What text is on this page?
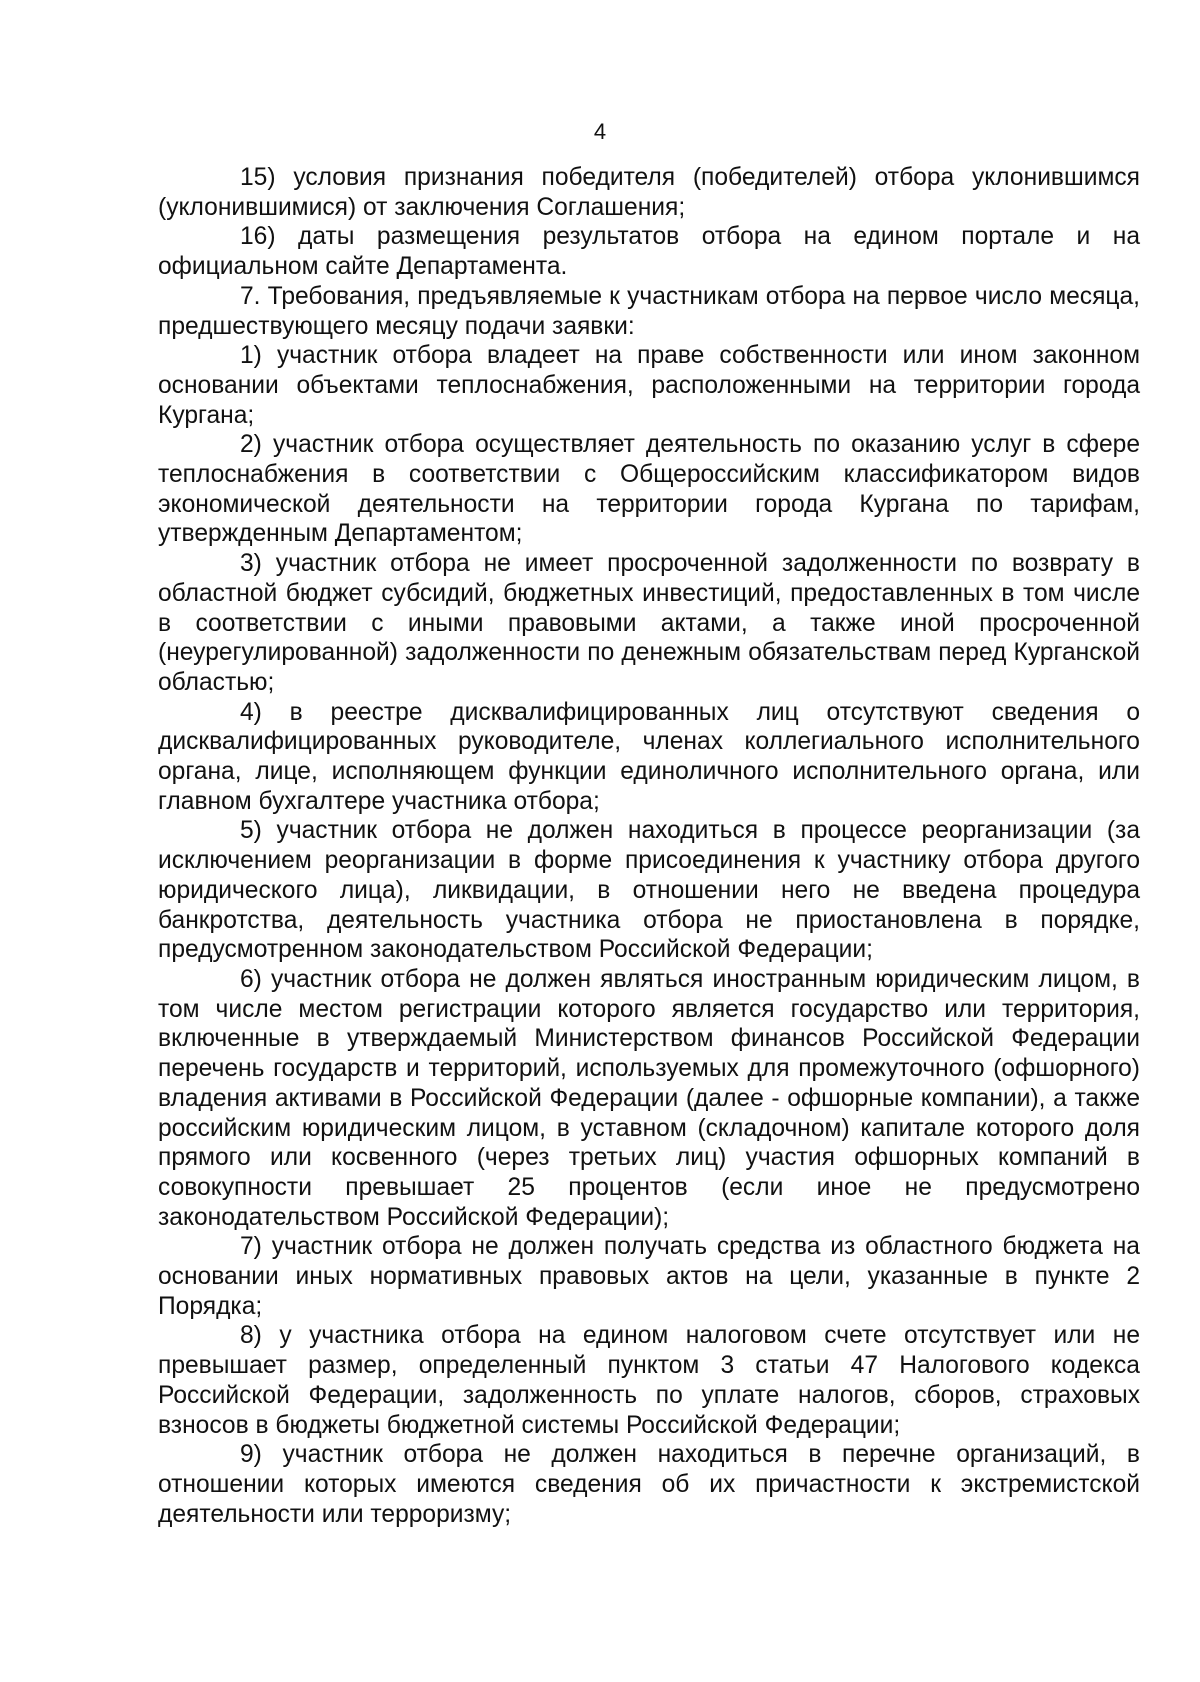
4

15) условия признания победителя (победителей) отбора уклонившимся (уклонившимися) от заключения Соглашения;

16) даты размещения результатов отбора на едином портале и на официальном сайте Департамента.

7. Требования, предъявляемые к участникам отбора на первое число месяца, предшествующего месяцу подачи заявки:

1) участник отбора владеет на праве собственности или ином законном основании объектами теплоснабжения, расположенными на территории города Кургана;

2) участник отбора осуществляет деятельность по оказанию услуг в сфере теплоснабжения в соответствии с Общероссийским классификатором видов экономической деятельности на территории города Кургана по тарифам, утвержденным Департаментом;

3) участник отбора не имеет просроченной задолженности по возврату в областной бюджет субсидий, бюджетных инвестиций, предоставленных в том числе в соответствии с иными правовыми актами, а также иной просроченной (неурегулированной) задолженности по денежным обязательствам перед Курганской областью;

4) в реестре дисквалифицированных лиц отсутствуют сведения о дисквалифицированных руководителе, членах коллегиального исполнительного органа, лице, исполняющем функции единоличного исполнительного органа, или главном бухгалтере участника отбора;

5) участник отбора не должен находиться в процессе реорганизации (за исключением реорганизации в форме присоединения к участнику отбора другого юридического лица), ликвидации, в отношении него не введена процедура банкротства, деятельность участника отбора не приостановлена в порядке, предусмотренном законодательством Российской Федерации;

6) участник отбора не должен являться иностранным юридическим лицом, в том числе местом регистрации которого является государство или территория, включенные в утверждаемый Министерством финансов Российской Федерации перечень государств и территорий, используемых для промежуточного (офшорного) владения активами в Российской Федерации (далее - офшорные компании), а также российским юридическим лицом, в уставном (складочном) капитале которого доля прямого или косвенного (через третьих лиц) участия офшорных компаний в совокупности превышает 25 процентов (если иное не предусмотрено законодательством Российской Федерации);

7) участник отбора не должен получать средства из областного бюджета на основании иных нормативных правовых актов на цели, указанные в пункте 2 Порядка;

8) у участника отбора на едином налоговом счете отсутствует или не превышает размер, определенный пунктом 3 статьи 47 Налогового кодекса Российской Федерации, задолженность по уплате налогов, сборов, страховых взносов в бюджеты бюджетной системы Российской Федерации;

9) участник отбора не должен находиться в перечне организаций, в отношении которых имеются сведения об их причастности к экстремистской деятельности или терроризму;
